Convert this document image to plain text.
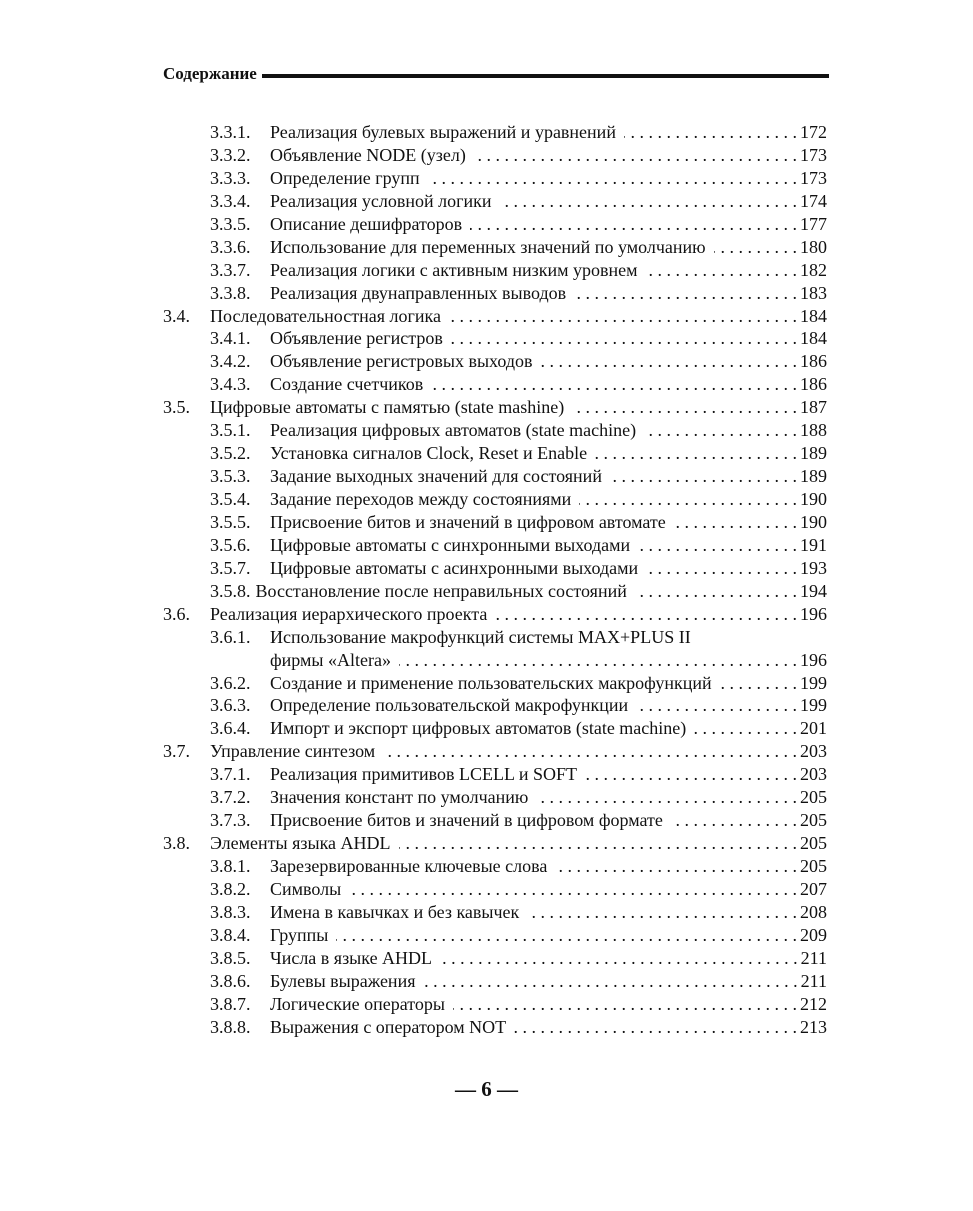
Содержание
3.3.1.	Реализация булевых выражений и уравнений . . .	172
3.3.2.	Объявление NODE (узел) . . .	173
3.3.3.	Определение групп . . .	173
3.3.4.	Реализация условной логики . . .	174
3.3.5.	Описание дешифраторов . . .	177
3.3.6.	Использование для переменных значений по умолчанию . . .	180
3.3.7.	Реализация логики с активным низким уровнем . . .	182
3.3.8.	Реализация двунаправленных выводов . . .	183
3.4.	Последовательностная логика . . .	184
3.4.1.	Объявление регистров . . .	184
3.4.2.	Объявление регистровых выходов . . .	186
3.4.3.	Создание счетчиков . . .	186
3.5.	Цифровые автоматы с памятью (state mashine) . . .	187
3.5.1.	Реализация цифровых автоматов (state machine) . . .	188
3.5.2.	Установка сигналов Clock, Reset и Enable . . .	189
3.5.3.	Задание выходных значений для состояний . . .	189
3.5.4.	Задание переходов между состояниями . . .	190
3.5.5.	Присвоение битов и значений в цифровом автомате . . .	190
3.5.6.	Цифровые автоматы с синхронными выходами . . .	191
3.5.7.	Цифровые автоматы с асинхронными выходами . . .	193
3.5.8. Восстановление после неправильных состояний . . .	194
3.6.	Реализация иерархического проекта . . .	196
3.6.1.	Использование макрофункций системы MAX+PLUS II
фирмы «Altera» . . .	196
3.6.2.	Создание и применение пользовательских макрофункций . . .	199
3.6.3.	Определение пользовательской макрофункции . . .	199
3.6.4.	Импорт и экспорт цифровых автоматов (state machine) . . .	201
3.7.	Управление синтезом . . .	203
3.7.1.	Реализация примитивов LCELL и SOFT . . .	203
3.7.2.	Значения констант по умолчанию . . .	205
3.7.3.	Присвоение битов и значений в цифровом формате . . .	205
3.8.	Элементы языка AHDL . . .	205
3.8.1.	Зарезервированные ключевые слова . . .	205
3.8.2.	Символы . . .	207
3.8.3.	Имена в кавычках и без кавычек . . .	208
3.8.4.	Группы . . .	209
3.8.5.	Числа в языке AHDL . . .	211
3.8.6.	Булевы выражения . . .	211
3.8.7.	Логические операторы . . .	212
3.8.8.	Выражения с оператором NOT . . .	213
— 6 —
